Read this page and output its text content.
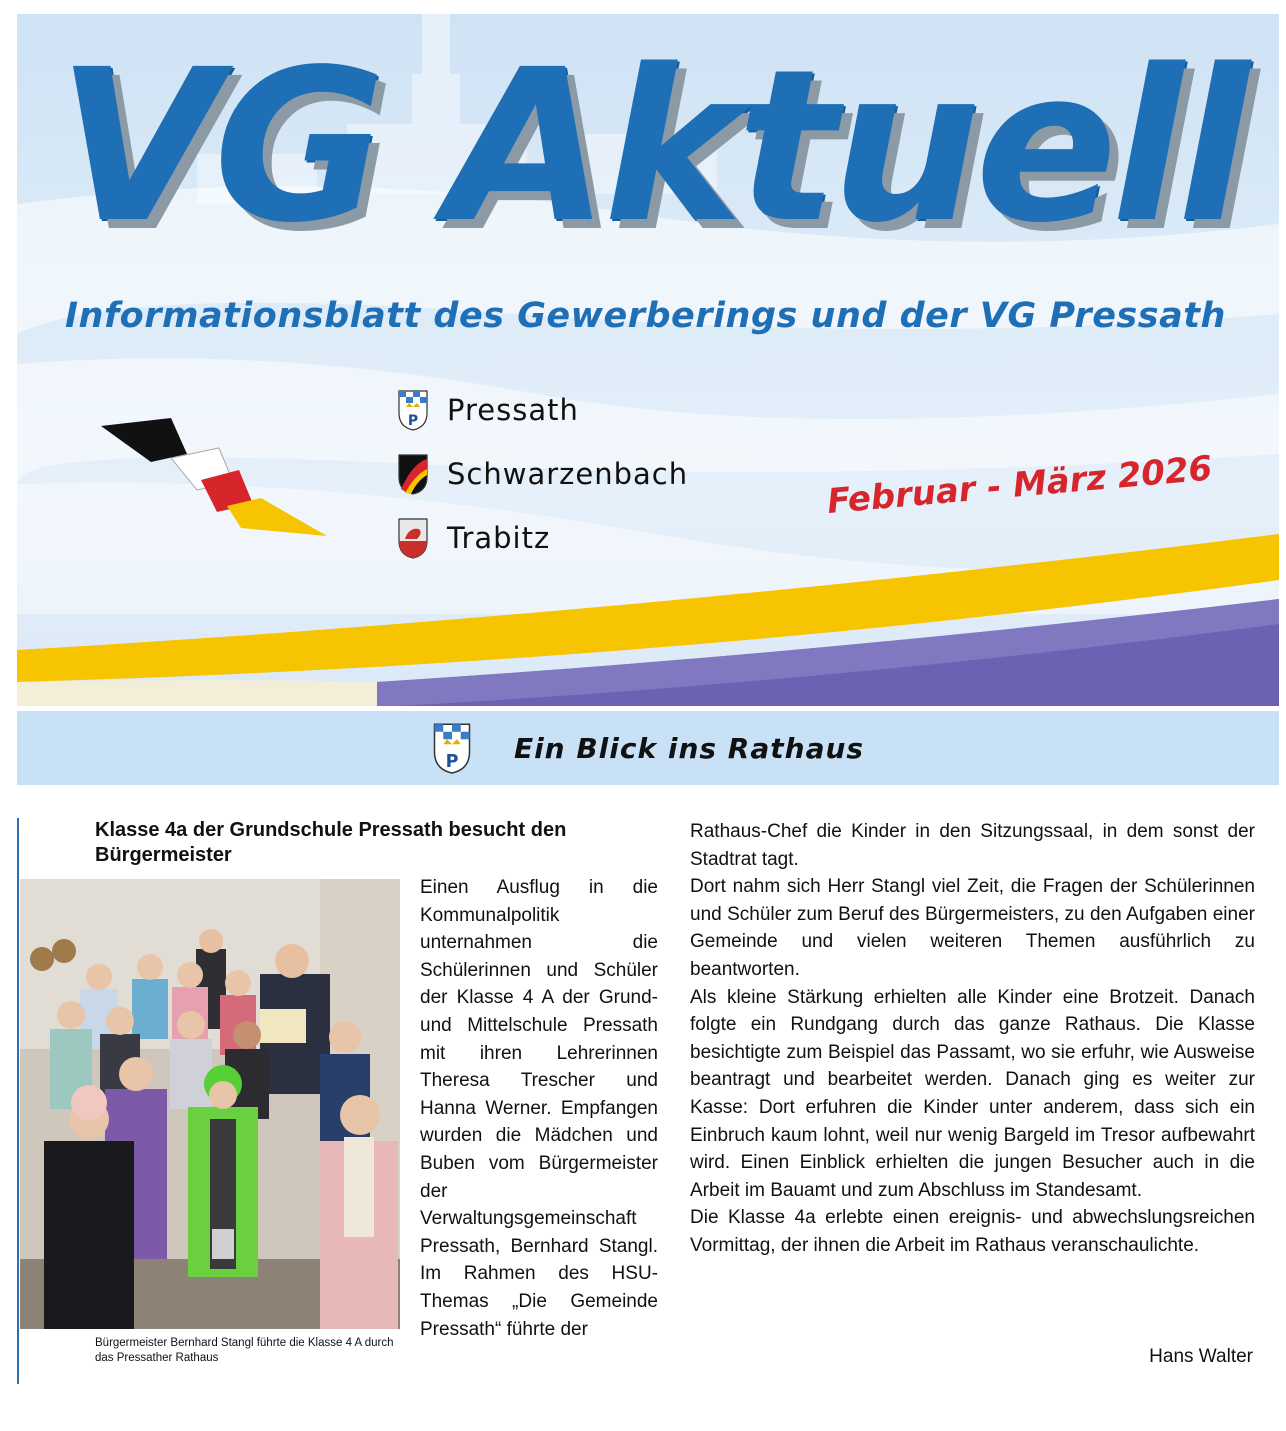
VG Aktuell

Informationsblatt des Gewerberings und der VG Pressath

P Pressath
Schwarzenbach
Trabitz

Februar - März 2026

P Ein Blick ins Rathaus
Klasse 4a der Grundschule Pressath besucht den Bürgermeister

Bürgermeister Bernhard Stangl führte die Klasse 4 A durch das Pressather Rathaus

Einen Ausflug in die Kommunalpolitik unternahmen die Schülerinnen und Schüler der Klasse 4 A der Grund- und Mittelschule Pressath mit ihren Lehrerinnen Theresa Trescher und Hanna Werner. Empfangen wurden die Mädchen und Buben vom Bürgermeister der Verwaltungsgemeinschaft Pressath, Bernhard Stangl. Im Rahmen des HSU-Themas „Die Gemeinde Pressath“ führte der

Rathaus-Chef die Kinder in den Sitzungssaal, in dem sonst der Stadtrat tagt.

Dort nahm sich Herr Stangl viel Zeit, die Fragen der Schülerinnen und Schüler zum Beruf des Bürgermeisters, zu den Aufgaben einer Gemeinde und vielen weiteren Themen ausführlich zu beantworten.

Als kleine Stärkung erhielten alle Kinder eine Brotzeit. Danach folgte ein Rundgang durch das ganze Rathaus. Die Klasse besichtigte zum Beispiel das Passamt, wo sie erfuhr, wie Ausweise beantragt und bearbeitet werden. Danach ging es weiter zur Kasse: Dort erfuhren die Kinder unter anderem, dass sich ein Einbruch kaum lohnt, weil nur wenig Bargeld im Tresor aufbewahrt wird. Einen Einblick erhielten die jungen Besucher auch in die Arbeit im Bauamt und zum Abschluss im Standesamt.

Die Klasse 4a erlebte einen ereignis- und abwechslungsreichen Vormittag, der ihnen die Arbeit im Rathaus veranschaulichte.

Hans Walter
